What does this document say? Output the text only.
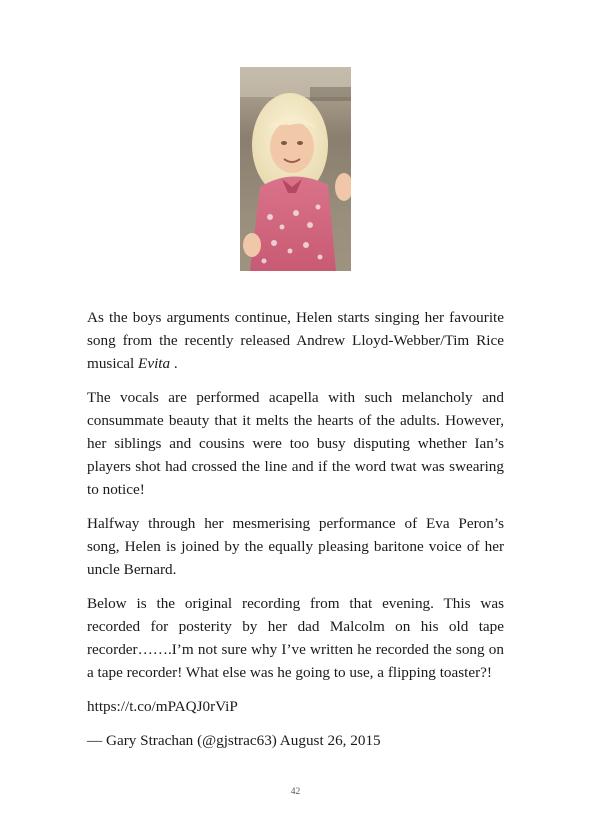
As the boys arguments continue, Helen starts singing her favourite song from the recently released Andrew Lloyd-Webber/Tim Rice musical Evita .

The vocals are performed acapella with such melancholy and consummate beauty that it melts the hearts of the adults. However, her siblings and cousins were too busy disputing whether Ian’s players shot had crossed the line and if the word twat was swearing to notice!

Halfway through her mesmerising performance of Eva Peron’s song, Helen is joined by the equally pleasing baritone voice of her uncle Bernard.

Below is the original recording from that evening. This was recorded for posterity by her dad Malcolm on his old tape recorder…….I’m not sure why I’ve written he recorded the song on a tape recorder! What else was he going to use, a flipping toaster?!

https://t.co/mPAQJ0rViP

— Gary Strachan (@gjstrac63) August 26, 2015

42
